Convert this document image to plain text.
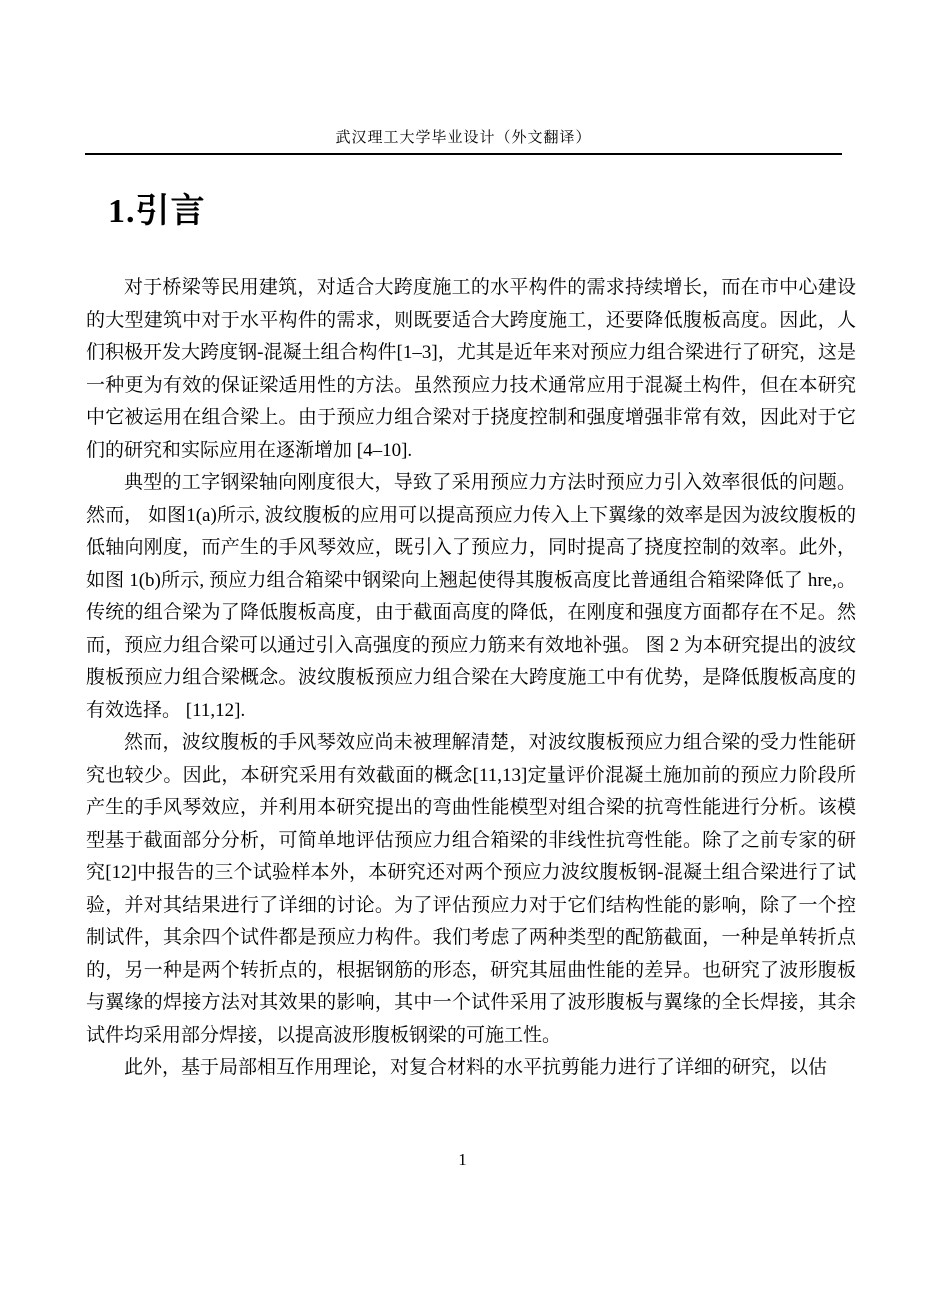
武汉理工大学毕业设计（外文翻译）
1.引言

对于桥梁等民用建筑，对适合大跨度施工的水平构件的需求持续增长，而在市中心建设的大型建筑中对于水平构件的需求，则既要适合大跨度施工，还要降低腹板高度。因此，人们积极开发大跨度钢-混凝土组合构件[1–3]，尤其是近年来对预应力组合梁进行了研究，这是一种更为有效的保证梁适用性的方法。虽然预应力技术通常应用于混凝土构件，但在本研究中它被运用在组合梁上。由于预应力组合梁对于挠度控制和强度增强非常有效，因此对于它们的研究和实际应用在逐渐增加 [4–10].

典型的工字钢梁轴向刚度很大，导致了采用预应力方法时预应力引入效率很低的问题。然而， 如图1(a)所示, 波纹腹板的应用可以提高预应力传入上下翼缘的效率是因为波纹腹板的低轴向刚度，而产生的手风琴效应，既引入了预应力，同时提高了挠度控制的效率。此外，如图 1(b)所示, 预应力组合箱梁中钢梁向上翘起使得其腹板高度比普通组合箱梁降低了 hre,。传统的组合梁为了降低腹板高度，由于截面高度的降低，在刚度和强度方面都存在不足。然而，预应力组合梁可以通过引入高强度的预应力筋来有效地补强。 图 2 为本研究提出的波纹腹板预应力组合梁概念。波纹腹板预应力组合梁在大跨度施工中有优势，是降低腹板高度的有效选择。 [11,12].

然而，波纹腹板的手风琴效应尚未被理解清楚，对波纹腹板预应力组合梁的受力性能研究也较少。因此，本研究采用有效截面的概念[11,13]定量评价混凝土施加前的预应力阶段所产生的手风琴效应，并利用本研究提出的弯曲性能模型对组合梁的抗弯性能进行分析。该模型基于截面部分分析，可简单地评估预应力组合箱梁的非线性抗弯性能。除了之前专家的研究[12]中报告的三个试验样本外，本研究还对两个预应力波纹腹板钢-混凝土组合梁进行了试验，并对其结果进行了详细的讨论。为了评估预应力对于它们结构性能的影响，除了一个控制试件，其余四个试件都是预应力构件。我们考虑了两种类型的配筋截面，一种是单转折点的，另一种是两个转折点的，根据钢筋的形态，研究其屈曲性能的差异。也研究了波形腹板与翼缘的焊接方法对其效果的影响，其中一个试件采用了波形腹板与翼缘的全长焊接，其余试件均采用部分焊接，以提高波形腹板钢梁的可施工性。

此外，基于局部相互作用理论，对复合材料的水平抗剪能力进行了详细的研究，以估

1
